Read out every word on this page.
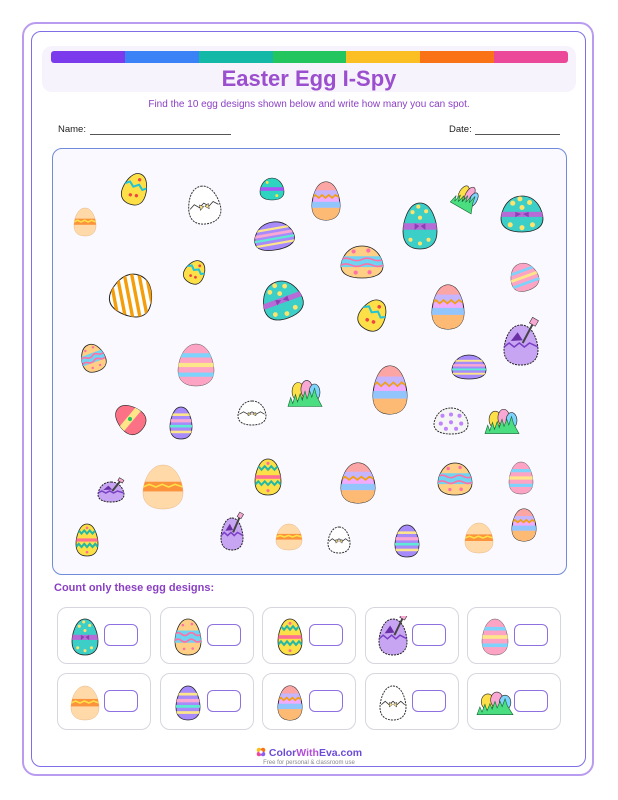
Easter Egg I-Spy
Find the 10 egg designs shown below and write how many you can spot.
Name:	Date:
Count only these egg designs:
ColorWithEva.com
Free for personal & classroom use
